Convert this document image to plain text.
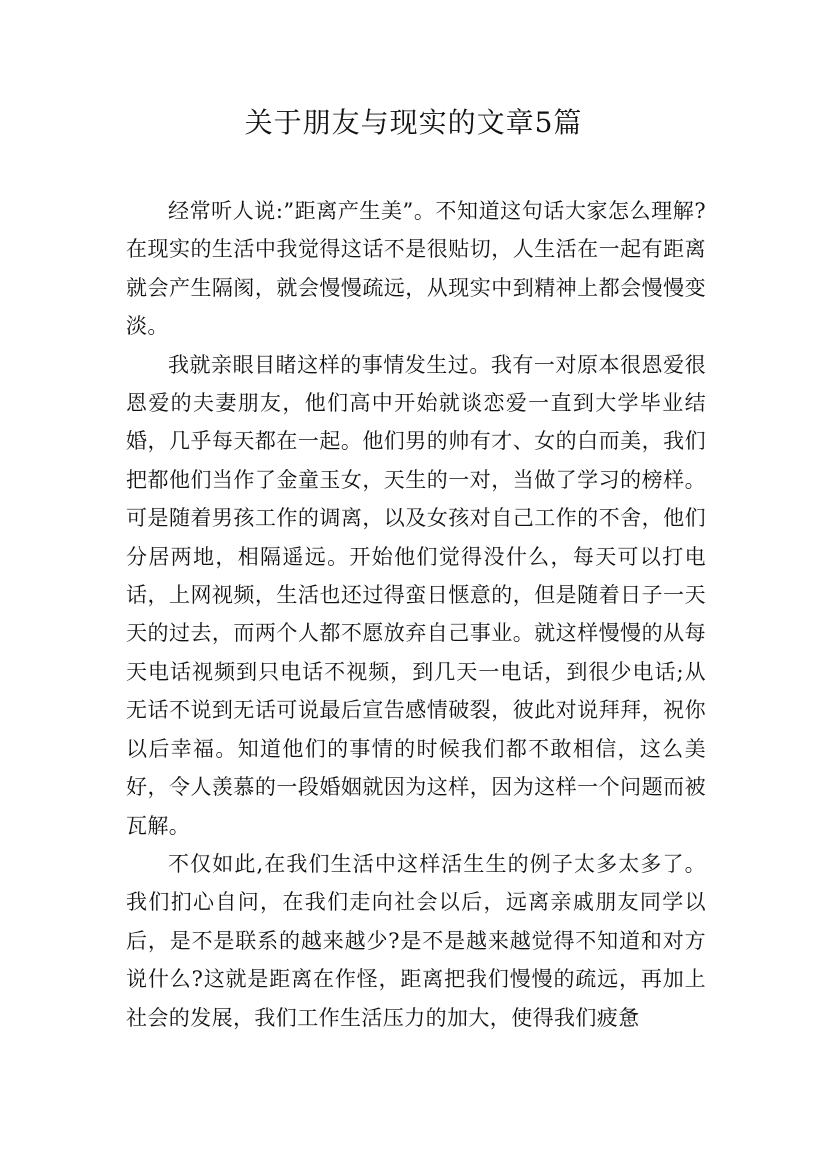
关于朋友与现实的文章5篇

经常听人说:”距离产生美”。不知道这句话大家怎么理解?在现实的生活中我觉得这话不是很贴切，人生活在一起有距离就会产生隔阂，就会慢慢疏远，从现实中到精神上都会慢慢变淡。

我就亲眼目睹这样的事情发生过。我有一对原本很恩爱很恩爱的夫妻朋友，他们高中开始就谈恋爱一直到大学毕业结婚，几乎每天都在一起。他们男的帅有才、女的白而美，我们把都他们当作了金童玉女，天生的一对，当做了学习的榜样。可是随着男孩工作的调离，以及女孩对自己工作的不舍，他们分居两地，相隔遥远。开始他们觉得没什么，每天可以打电话，上网视频，生活也还过得蛮日惬意的，但是随着日子一天天的过去，而两个人都不愿放弃自己事业。就这样慢慢的从每天电话视频到只电话不视频，到几天一电话，到很少电话;从无话不说到无话可说最后宣告感情破裂，彼此对说拜拜，祝你以后幸福。知道他们的事情的时候我们都不敢相信，这么美好，令人羡慕的一段婚姻就因为这样，因为这样一个问题而被瓦解。

不仅如此,在我们生活中这样活生生的例子太多太多了。我们扪心自问，在我们走向社会以后，远离亲戚朋友同学以后，是不是联系的越来越少?是不是越来越觉得不知道和对方说什么?这就是距离在作怪，距离把我们慢慢的疏远，再加上社会的发展，我们工作生活压力的加大，使得我们疲惫
